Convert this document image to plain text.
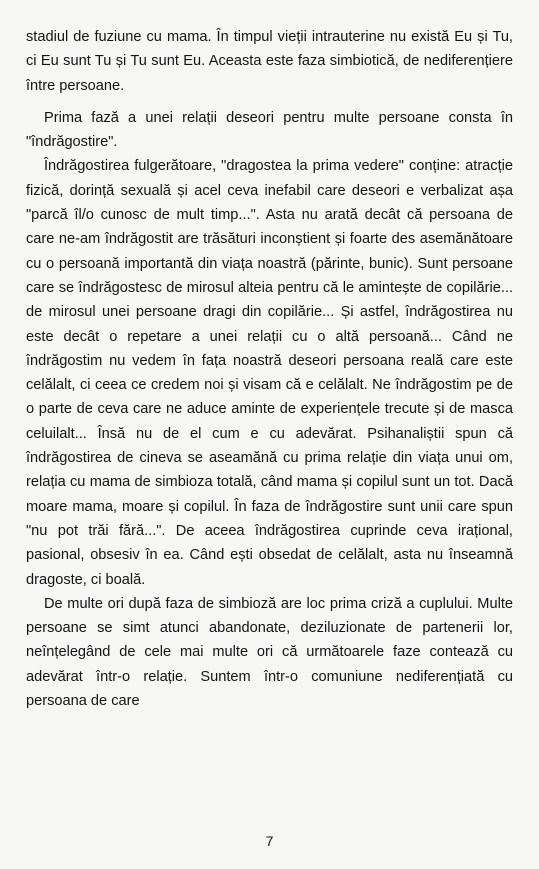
stadiul de fuziune cu mama. În timpul vieții intrauterine nu există Eu și Tu, ci Eu sunt Tu și Tu sunt Eu. Aceasta este faza simbiotică, de nediferențiere între persoane.

Prima fază a unei relații deseori pentru multe persoane consta în "îndrăgostire".

Îndrăgostirea fulgerătoare, "dragostea la prima vedere" conține: atracție fizică, dorință sexuală și acel ceva inefabil care deseori e verbalizat așa "parcă îl/o cunosc de mult timp...". Asta nu arată decât că persoana de care ne-am îndrăgostit are trăsături inconștient și foarte des asemănătoare cu o persoană importantă din viața noastră (părinte, bunic). Sunt persoane care se îndrăgostesc de mirosul alteia pentru că le amintește de copilărie... de mirosul unei persoane dragi din copilărie... Și astfel, îndrăgostirea nu este decât o repetare a unei relații cu o altă persoană... Când ne îndrăgostim nu vedem în fața noastră deseori persoana reală care este celălalt, ci ceea ce credem noi și visam că e celălalt. Ne îndrăgostim pe de o parte de ceva care ne aduce aminte de experiențele trecute și de masca celuilalt... Însă nu de el cum e cu adevărat. Psihanaliștii spun că îndrăgostirea de cineva se aseamănă cu prima relație din viața unui om, relația cu mama de simbioza totală, când mama și copilul sunt un tot. Dacă moare mama, moare și copilul. În faza de îndrăgostire sunt unii care spun "nu pot trăi fără...". De aceea îndrăgostirea cuprinde ceva irațional, pasional, obsesiv în ea. Când ești obsedat de celălalt, asta nu înseamnă dragoste, ci boală.

De multe ori după faza de simbioză are loc prima criză a cuplului. Multe persoane se simt atunci abandonate, deziluzionate de partenerii lor, neînțelegând de cele mai multe ori că următoarele faze contează cu adevărat într-o relație. Suntem într-o comuniune nediferențiată cu persoana de care

7
